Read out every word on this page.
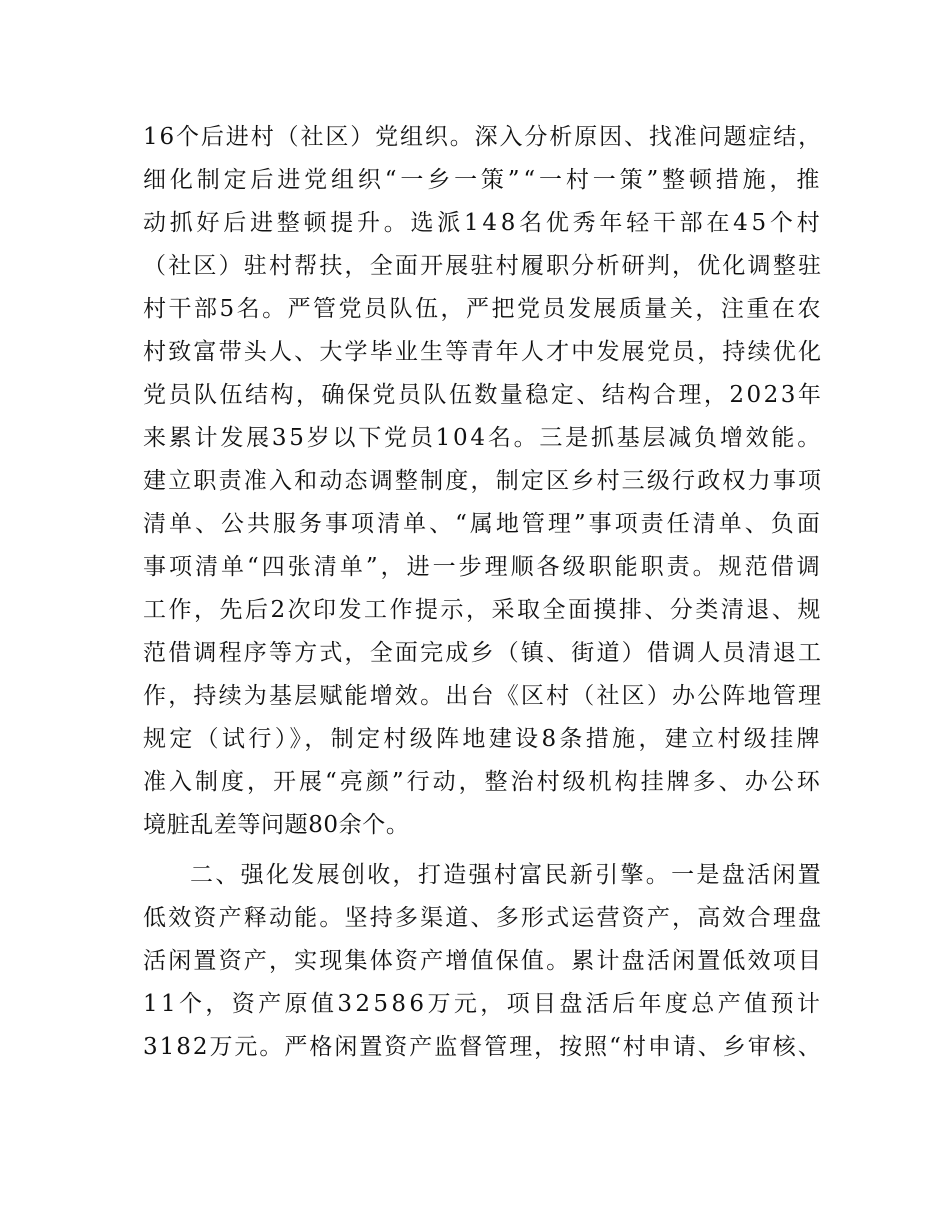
16个后进村（社区）党组织。深入分析原因、找准问题症结，
细化制定后进党组织“一乡一策”“一村一策”整顿措施，推
动抓好后进整顿提升。选派148名优秀年轻干部在45个村
（社区）驻村帮扶，全面开展驻村履职分析研判，优化调整驻
村干部5名。严管党员队伍，严把党员发展质量关，注重在农
村致富带头人、大学毕业生等青年人才中发展党员，持续优化
党员队伍结构，确保党员队伍数量稳定、结构合理，2023年
来累计发展35岁以下党员104名。三是抓基层减负增效能。
建立职责准入和动态调整制度，制定区乡村三级行政权力事项
清单、公共服务事项清单、“属地管理”事项责任清单、负面
事项清单“四张清单”，进一步理顺各级职能职责。规范借调
工作，先后2次印发工作提示，采取全面摸排、分类清退、规
范借调程序等方式，全面完成乡（镇、街道）借调人员清退工
作，持续为基层赋能增效。出台《区村（社区）办公阵地管理
规定（试行）》，制定村级阵地建设8条措施，建立村级挂牌
准入制度，开展“亮颜”行动，整治村级机构挂牌多、办公环
境脏乱差等问题80余个。
二、强化发展创收，打造强村富民新引擎。一是盘活闲置
低效资产释动能。坚持多渠道、多形式运营资产，高效合理盘
活闲置资产，实现集体资产增值保值。累计盘活闲置低效项目
11个，资产原值32586万元，项目盘活后年度总产值预计
3182万元。严格闲置资产监督管理，按照“村申请、乡审核、
